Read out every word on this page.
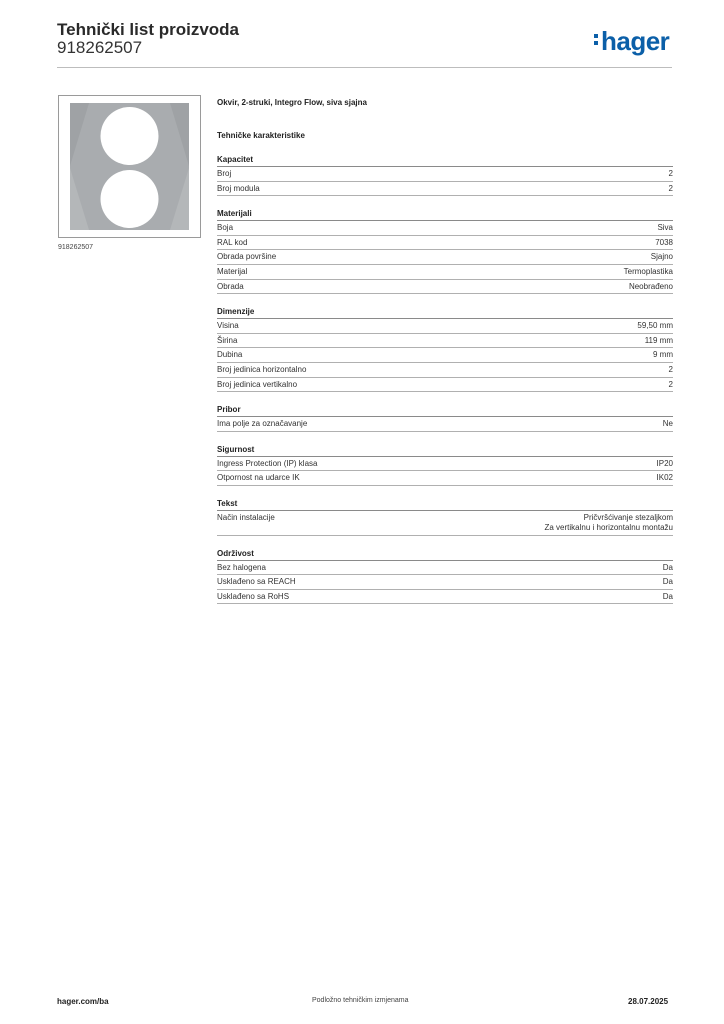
Tehnički list proizvoda
918262507	hager
918262507
Okvir, 2-struki, Integro Flow, siva sjajna
Tehničke karakteristike
Kapacitet
Broj	2
Broj modula	2
Materijali
Boja	Siva
RAL kod	7038
Obrada površine	Sjajno
Materijal	Termoplastika
Obrada	Neobrađeno
Dimenzije
Visina	59,50 mm
Širina	119 mm
Dubina	9 mm
Broj jedinica horizontalno	2
Broj jedinica vertikalno	2
Pribor
Ima polje za označavanje	Ne
Sigurnost
Ingress Protection (IP) klasa	IP20
Otpornost na udarce IK	IK02
Tekst
Način instalacije	Pričvršćivanje stezaljkom
Za vertikalnu i horizontalnu montažu
Održivost
Bez halogena	Da
Usklađeno sa REACH	Da
Usklađeno sa RoHS	Da
hager.com/ba	Podložno tehničkim izmjenama	28.07.2025
